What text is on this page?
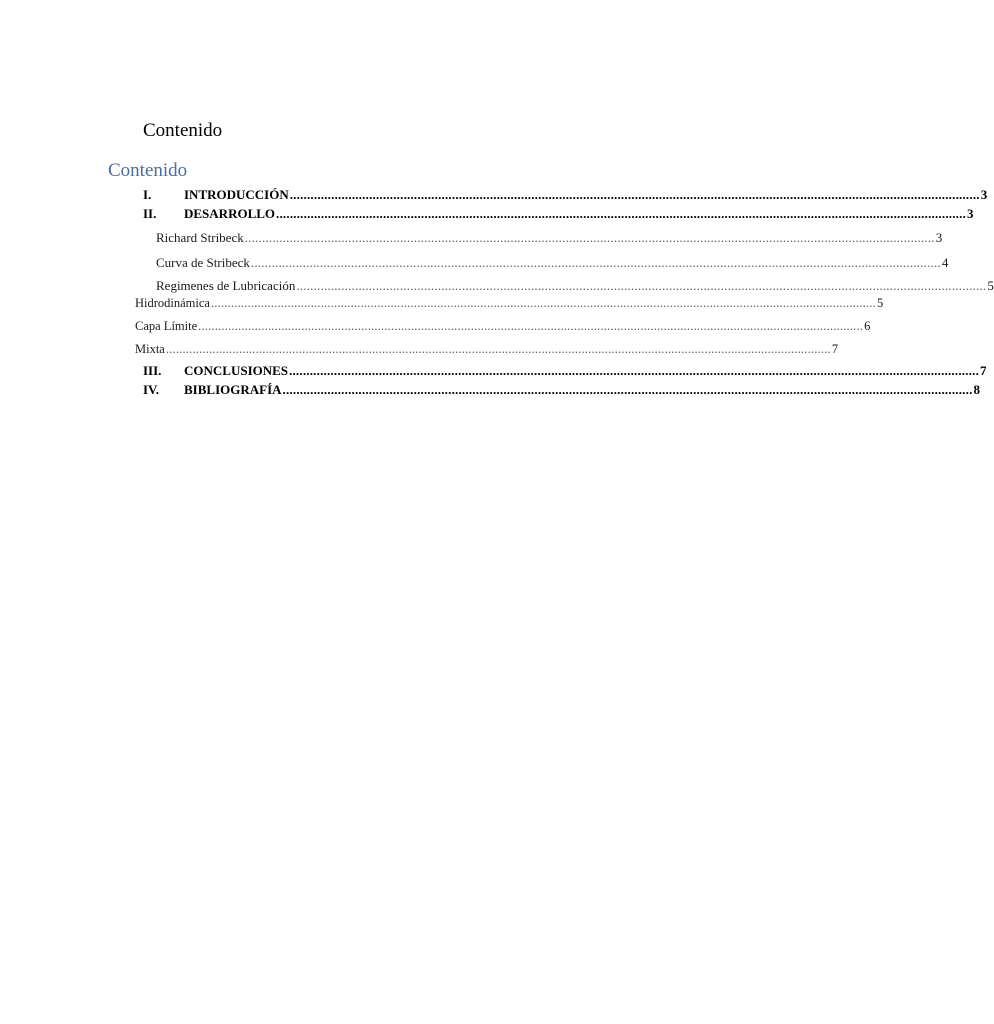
Contenido
Contenido
I.	INTRODUCCIÓN ........................................................................................................................................................................................................ 3
II.	DESARROLLO ........................................................................................................................................................................................................ 3
Richard Stribeck ........................................................................................................................................................................................................ 3
Curva de Stribeck ........................................................................................................................................................................................................ 4
Regimenes de Lubricación ........................................................................................................................................................................................................ 5
Hidrodinámica ........................................................................................................................................................................................................ 5
Capa Límite ........................................................................................................................................................................................................ 6
Mixta ........................................................................................................................................................................................................ 7
III.	CONCLUSIONES ........................................................................................................................................................................................................ 7
IV.	BIBLIOGRAFÍA ........................................................................................................................................................................................................ 8
